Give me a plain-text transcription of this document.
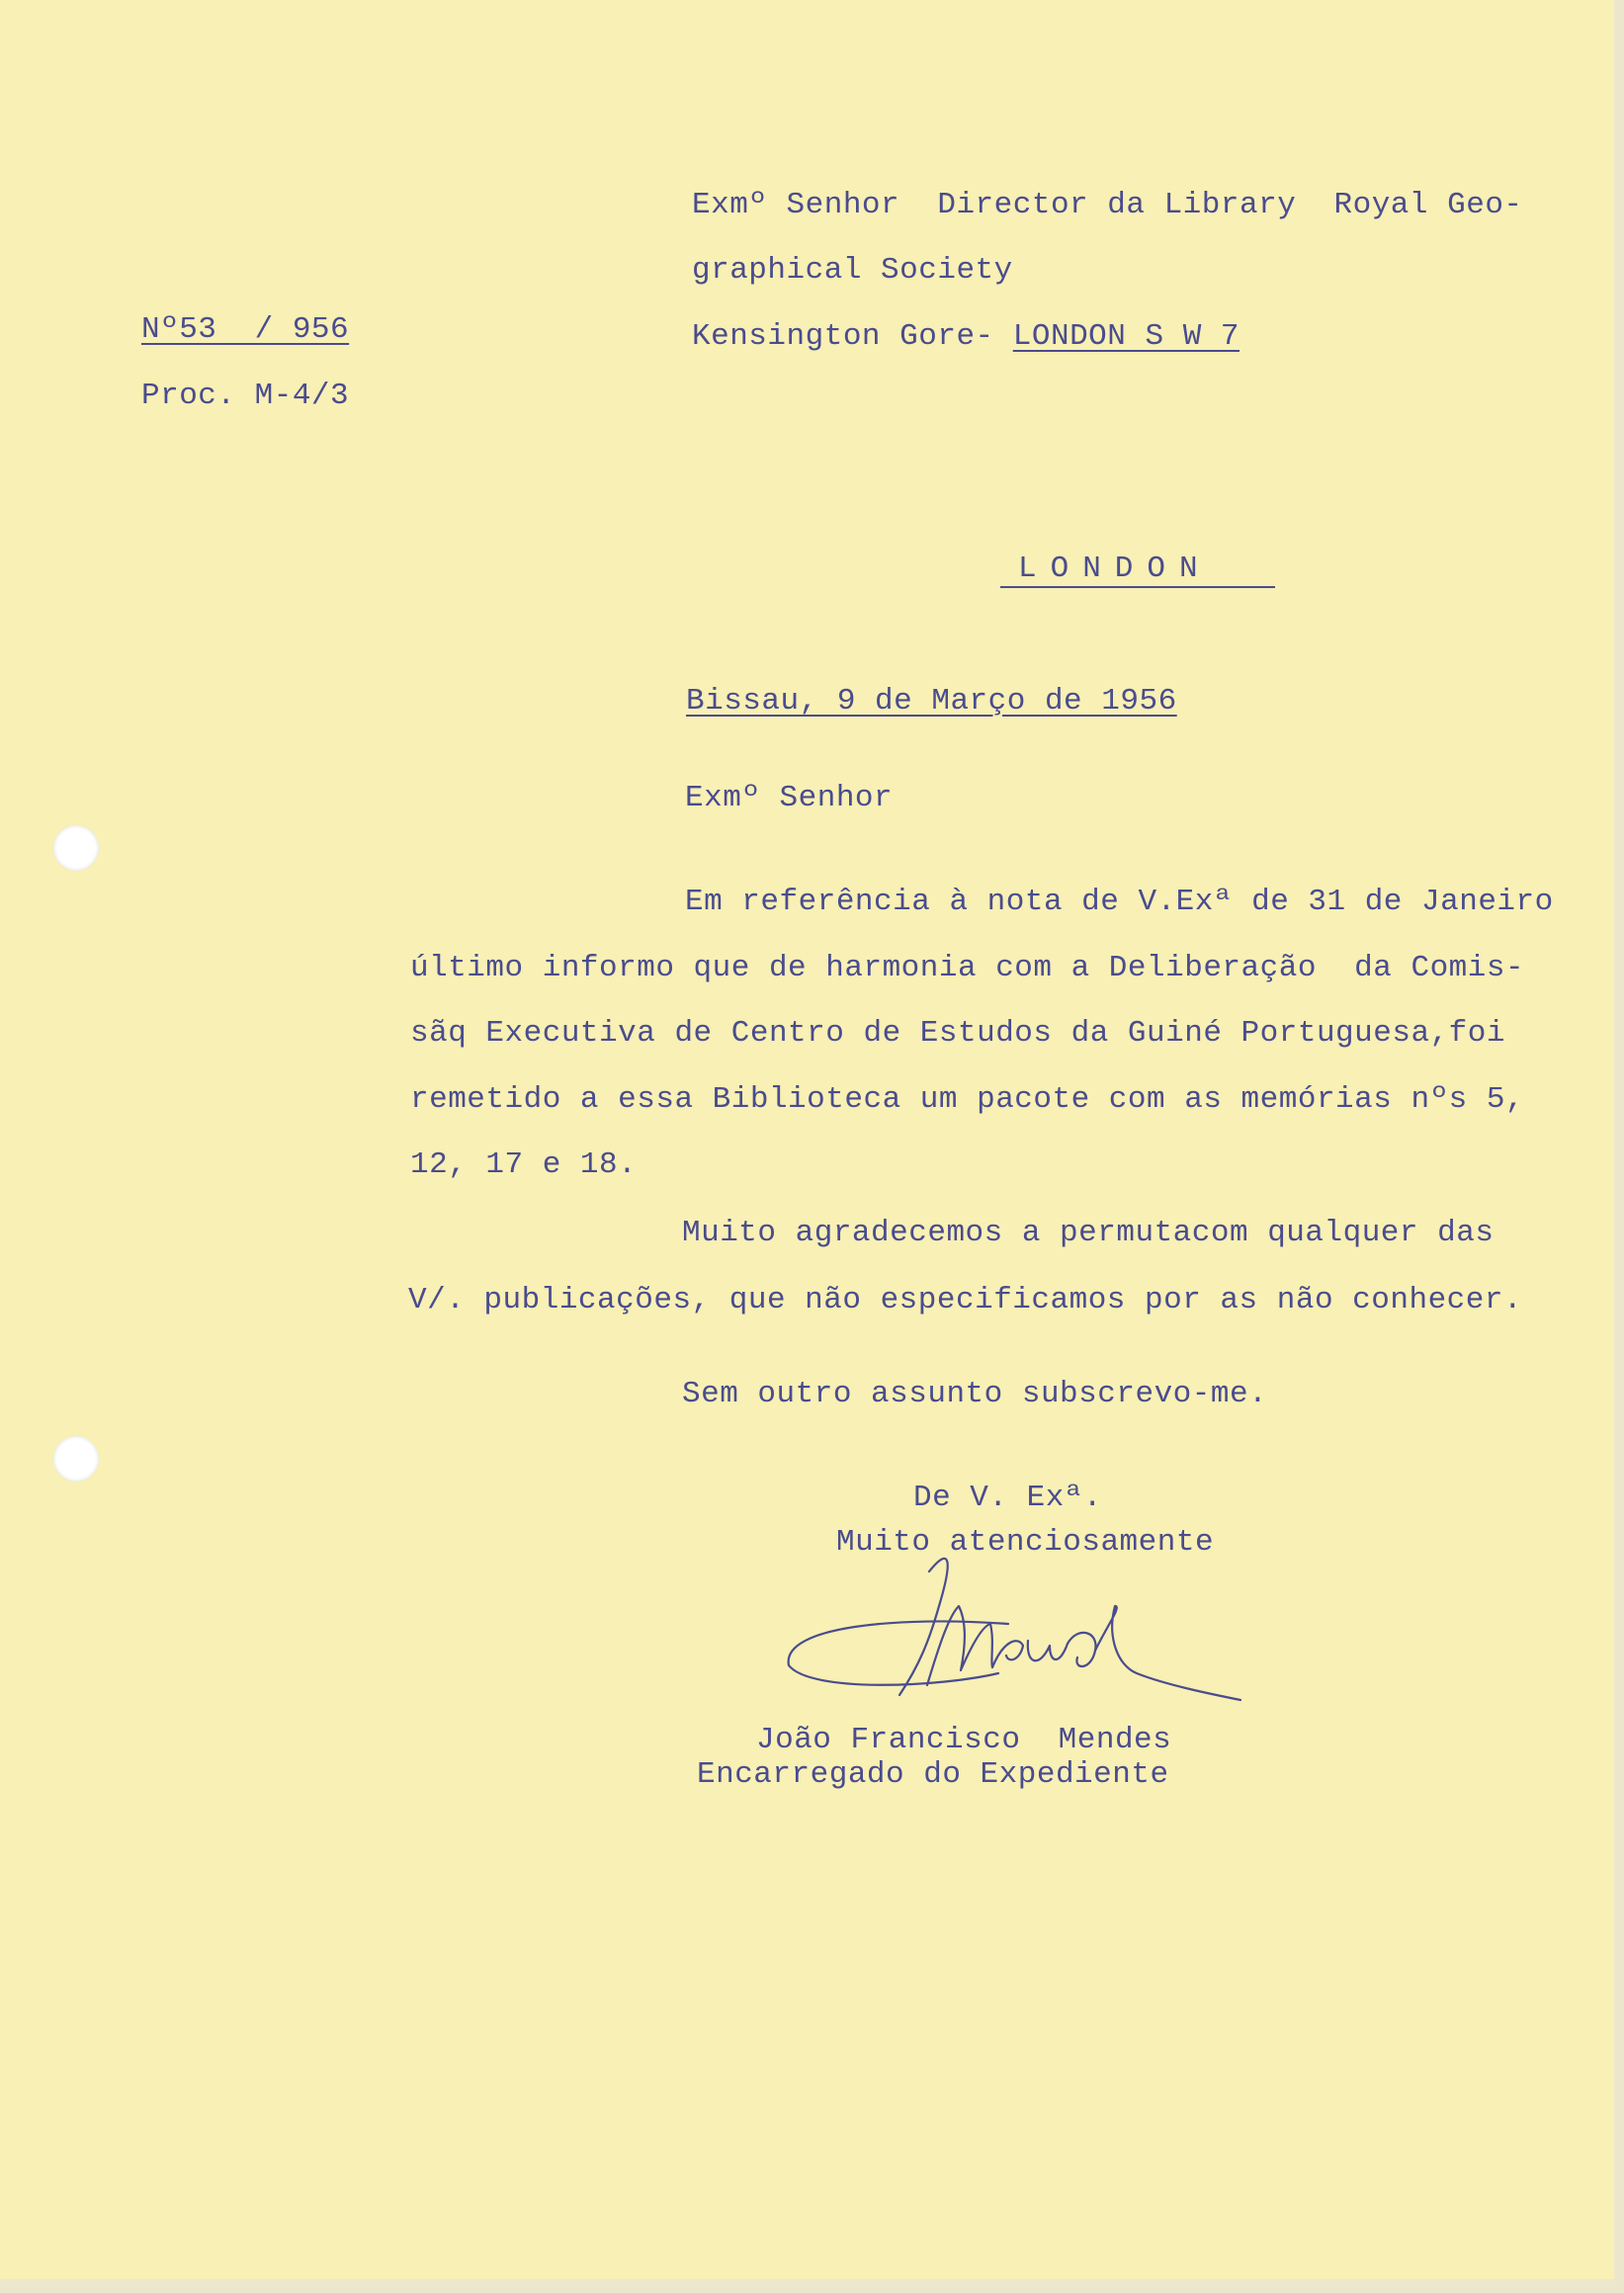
Exmº Senhor  Director da Library  Royal Geo-
graphical Society
Kensington Gore- LONDON S W 7
Nº53  / 956
Proc. M-4/3
LONDON
Bissau, 9 de Março de 1956
Exmº Senhor
Em referência à nota de V.Exª de 31 de Janeiro
último informo que de harmonia com a Deliberação  da Comis-
sãq Executiva de Centro de Estudos da Guiné Portuguesa,foi
remetido a essa Biblioteca um pacote com as memórias nºs 5,
12, 17 e 18.
Muito agradecemos a permutacom qualquer das
V/. publicações, que não especificamos por as não conhecer.
Sem outro assunto subscrevo-me.
De V. Exª.
Muito atenciosamente
João Francisco  Mendes
Encarregado do Expediente
